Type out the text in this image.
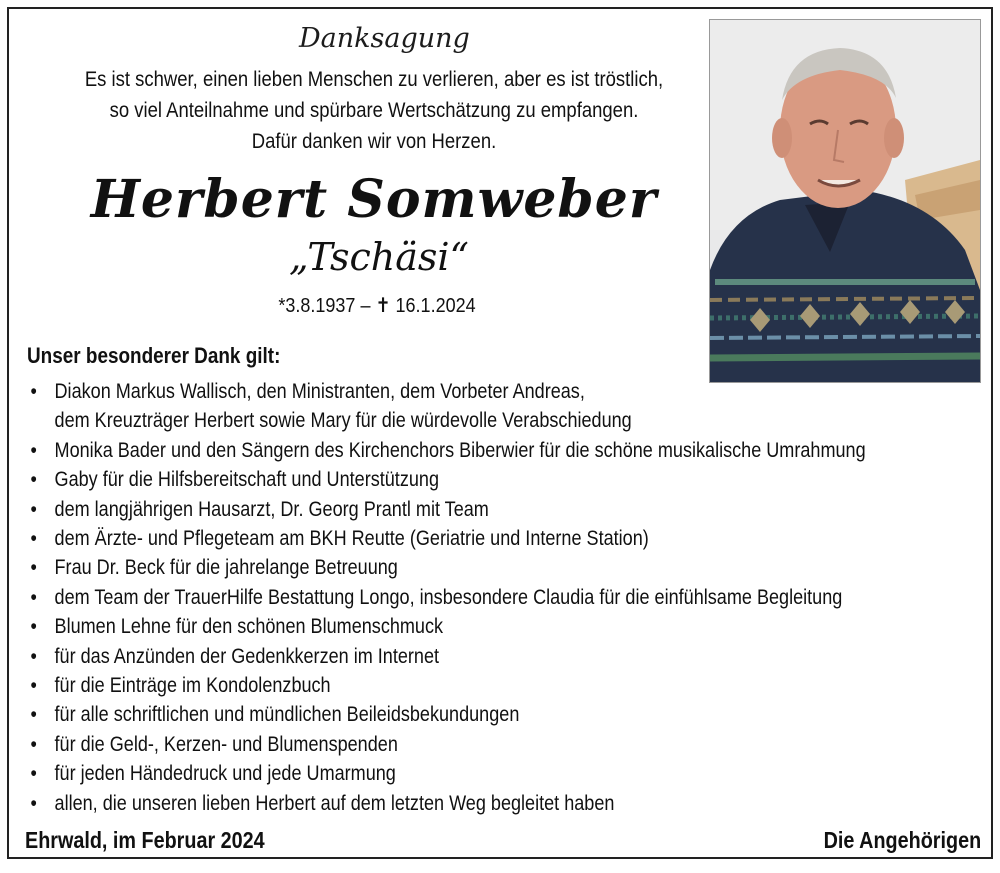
Danksagung
Es ist schwer, einen lieben Menschen zu verlieren, aber es ist tröstlich,
so viel Anteilnahme und spürbare Wertschätzung zu empfangen.
Dafür danken wir von Herzen.
Herbert Somweber
„Tschäsi“
*3.8.1937 – ✝ 16.1.2024
Unser besonderer Dank gilt:
• Diakon Markus Wallisch, den Ministranten, dem Vorbeter Andreas,
dem Kreuzträger Herbert sowie Mary für die würdevolle Verabschiedung
• Monika Bader und den Sängern des Kirchenchors Biberwier für die schöne musikalische Umrahmung
• Gaby für die Hilfsbereitschaft und Unterstützung
• dem langjährigen Hausarzt, Dr. Georg Prantl mit Team
• dem Ärzte- und Pflegeteam am BKH Reutte (Geriatrie und Interne Station)
• Frau Dr. Beck für die jahrelange Betreuung
• dem Team der TrauerHilfe Bestattung Longo, insbesondere Claudia für die einfühlsame Begleitung
• Blumen Lehne für den schönen Blumenschmuck
• für das Anzünden der Gedenkkerzen im Internet
• für die Einträge im Kondolenzbuch
• für alle schriftlichen und mündlichen Beileidsbekundungen
• für die Geld-, Kerzen- und Blumenspenden
• für jeden Händedruck und jede Umarmung
• allen, die unseren lieben Herbert auf dem letzten Weg begleitet haben
Ehrwald, im Februar 2024	Die Angehörigen
